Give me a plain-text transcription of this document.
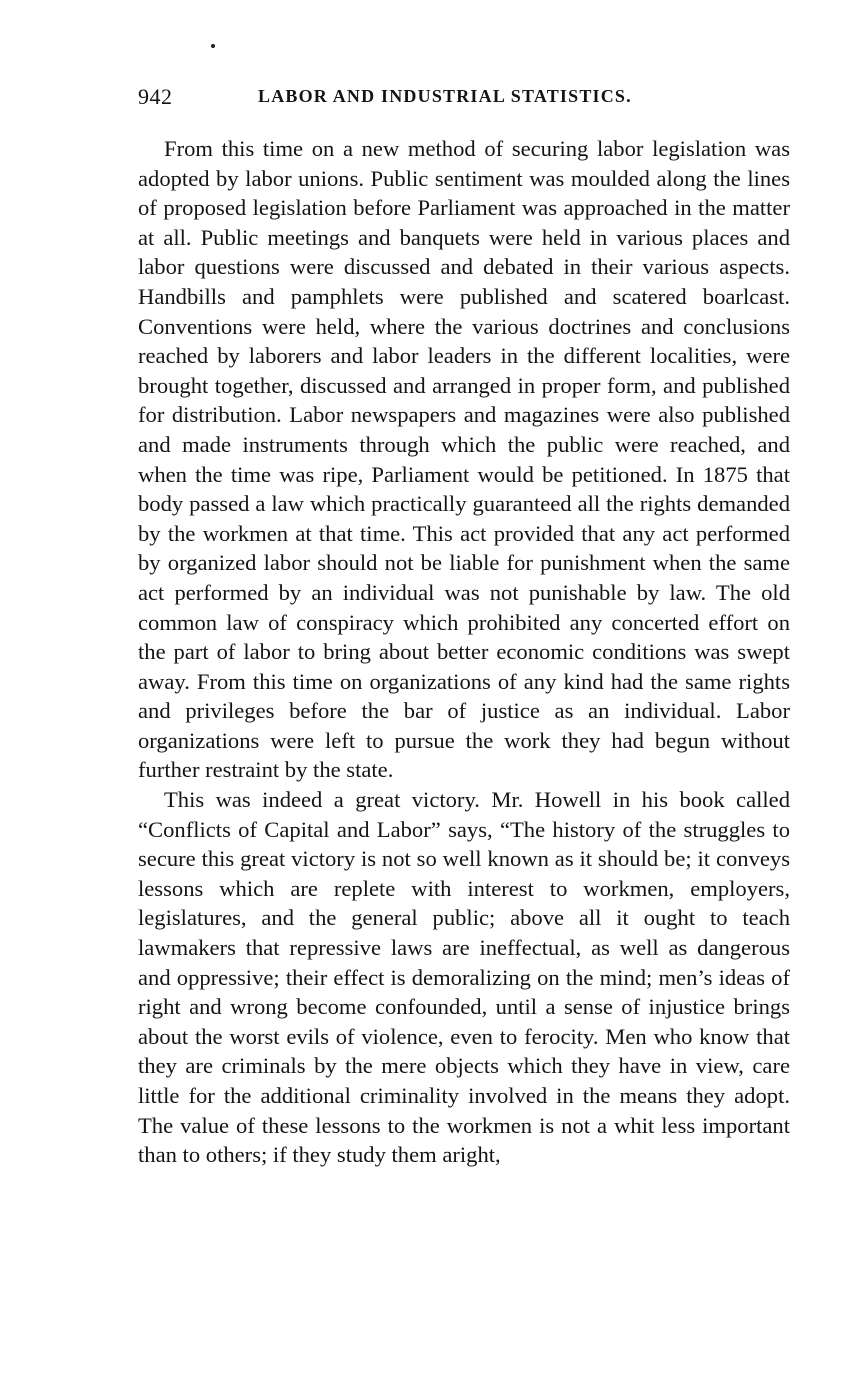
942	LABOR AND INDUSTRIAL STATISTICS.

From this time on a new method of securing labor legislation was adopted by labor unions. Public sentiment was moulded along the lines of proposed legislation before Parliament was approached in the matter at all. Public meetings and banquets were held in various places and labor questions were discussed and debated in their various aspects. Handbills and pamphlets were published and scatered boarlcast. Conventions were held, where the various doctrines and conclusions reached by laborers and labor leaders in the different localities, were brought together, discussed and arranged in proper form, and published for distribution. Labor newspapers and magazines were also published and made instruments through which the public were reached, and when the time was ripe, Parliament would be petitioned. In 1875 that body passed a law which practically guaranteed all the rights demanded by the workmen at that time. This act provided that any act performed by organized labor should not be liable for punishment when the same act performed by an individual was not punishable by law. The old common law of conspiracy which prohibited any concerted effort on the part of labor to bring about better economic conditions was swept away. From this time on organizations of any kind had the same rights and privileges before the bar of justice as an individual. Labor organizations were left to pursue the work they had begun without further restraint by the state.

This was indeed a great victory. Mr. Howell in his book called “Conflicts of Capital and Labor” says, “The history of the struggles to secure this great victory is not so well known as it should be; it conveys lessons which are replete with interest to workmen, employers, legislatures, and the general public; above all it ought to teach lawmakers that repressive laws are ineffectual, as well as dangerous and oppressive; their effect is demoralizing on the mind; men’s ideas of right and wrong become confounded, until a sense of injustice brings about the worst evils of violence, even to ferocity. Men who know that they are criminals by the mere objects which they have in view, care little for the additional criminality involved in the means they adopt. The value of these lessons to the workmen is not a whit less important than to others; if they study them aright,
